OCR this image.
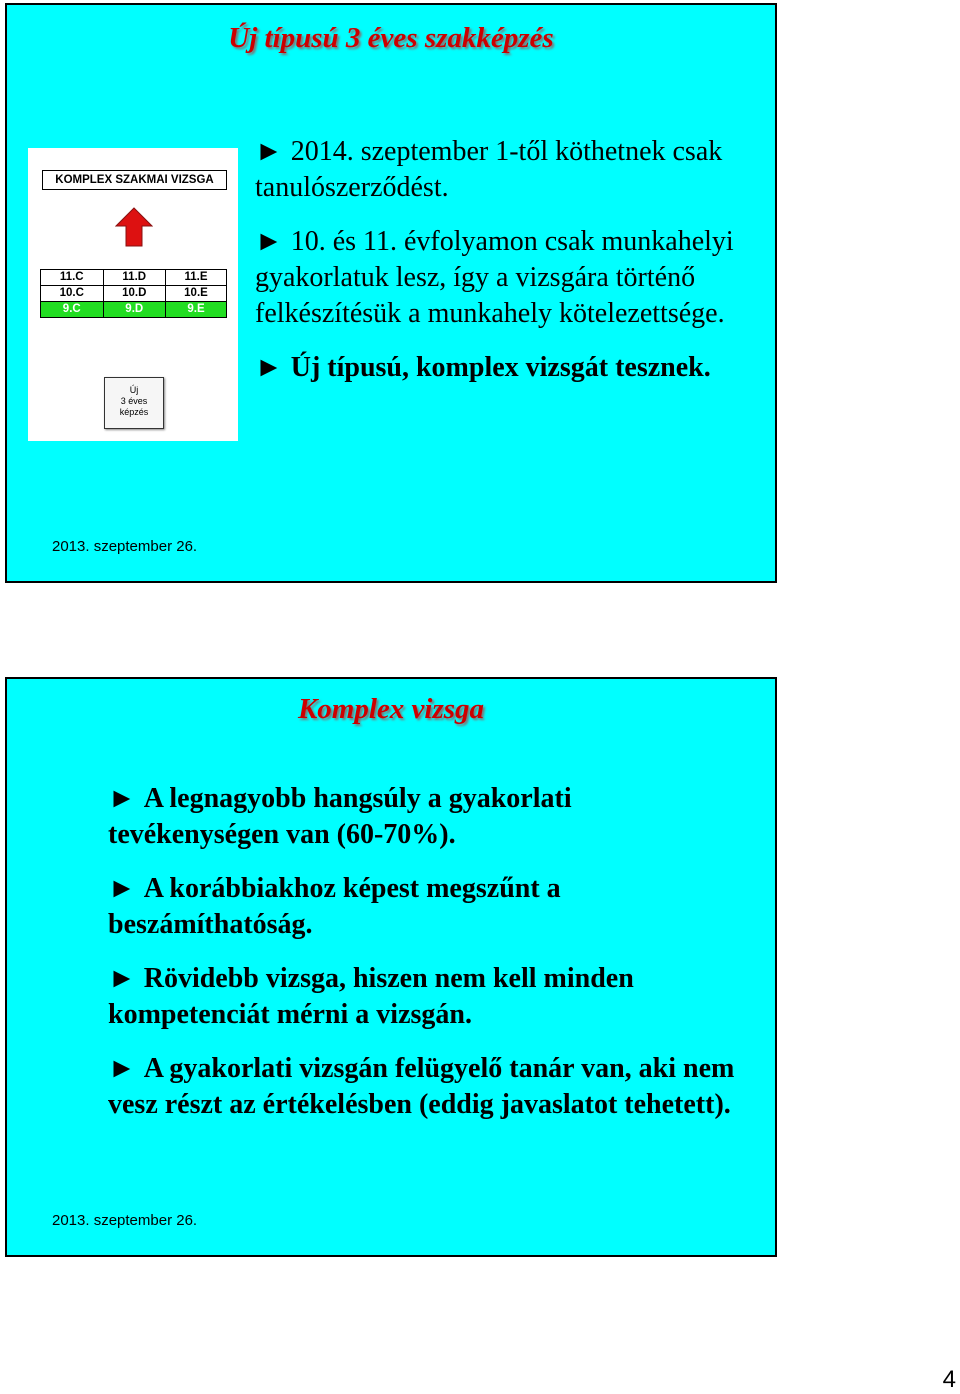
Új típusú 3 éves szakképzés
KOMPLEX SZAKMAI VIZSGA
11.C	11.D	11.E
10.C	10.D	10.E
9.C	9.D	9.E
Új
3 éves
képzés
► 2014. szeptember 1-től köthetnek csak tanulószerződést.
► 10. és 11. évfolyamon csak munkahelyi gyakorlatuk lesz, így a vizsgára történő felkészítésük a munkahely kötelezettsége.
► Új típusú, komplex vizsgát tesznek.
2013. szeptember 26.
Komplex vizsga
► A legnagyobb hangsúly a gyakorlati tevékenységen van (60-70%).
► A korábbiakhoz képest megszűnt a beszámíthatóság.
► Rövidebb vizsga, hiszen nem kell minden kompetenciát mérni a vizsgán.
► A gyakorlati vizsgán felügyelő tanár van, aki nem vesz részt az értékelésben (eddig javaslatot tehetett).
2013. szeptember 26.
4
